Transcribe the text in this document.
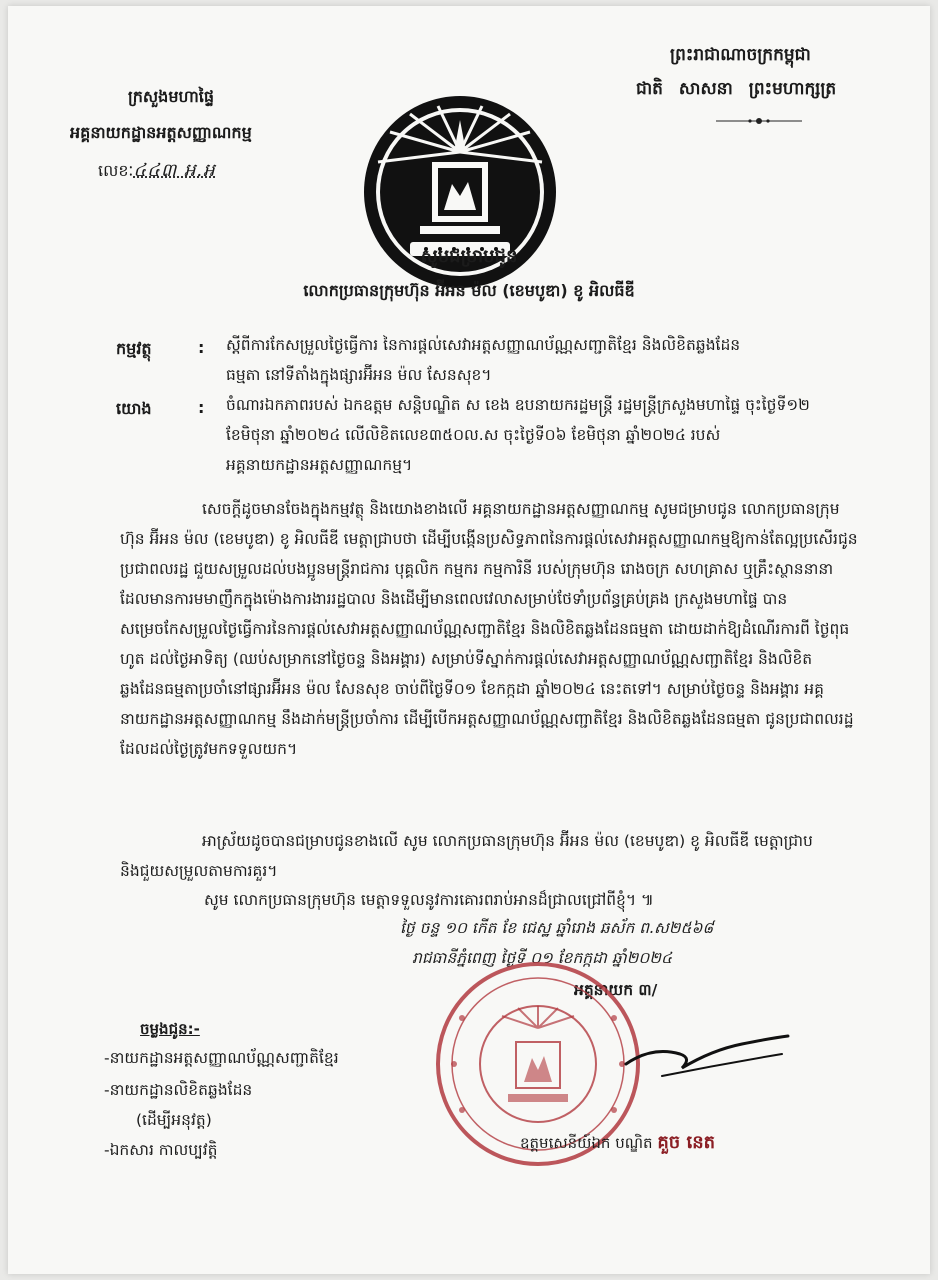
ព្រះរាជាណាចក្រកម្ពុជា
ជាតិ សាសនា ព្រះមហាក្សត្រ
ក្រសួងមហាផ្ទៃ
អគ្គនាយកដ្ឋានអត្តសញ្ញាណកម្ម
លេខៈ៤៤៣ អ.អ
សូមជម្រាបជូន
លោកប្រធានក្រុមហ៊ុន អ៊ីអន ម៉ល (ខេមបូឌា) ខូ អិលធីឌី
កម្មវត្ថុ	: ស្ដីពីការកែសម្រួលថ្ងៃធ្វើការ នៃការផ្ដល់សេវាអត្តសញ្ញាណប័ណ្ណសញ្ជាតិខ្មែរ និងលិខិតឆ្លងដែន
ធម្មតា នៅទីតាំងក្នុងផ្សារអ៊ីអន ម៉ល សែនសុខ។
យោង	: ចំណារឯកភាពរបស់ ឯកឧត្តម សន្តិបណ្ឌិត ស ខេង ឧបនាយករដ្ឋមន្ត្រី រដ្ឋមន្ត្រីក្រសួងមហាផ្ទៃ ចុះថ្ងៃទី១២
ខែមិថុនា ឆ្នាំ២០២៤ លើលិខិតលេខ៣៥០ល.ស ចុះថ្ងៃទី០៦ ខែមិថុនា ឆ្នាំ២០២៤ របស់
អគ្គនាយកដ្ឋានអត្តសញ្ញាណកម្ម។
សេចក្ដីដូចមានចែងក្នុងកម្មវត្ថុ និងយោងខាងលើ អគ្គនាយកដ្ឋានអត្តសញ្ញាណកម្ម សូមជម្រាបជូន លោកប្រធានក្រុមហ៊ុន អ៊ីអន ម៉ល (ខេមបូឌា) ខូ អិលធីឌី មេត្តាជ្រាបថា ដើម្បីបង្កើនប្រសិទ្ធភាពនៃការផ្ដល់សេវាអត្តសញ្ញាណកម្មឱ្យកាន់តែល្អប្រសើរជូនប្រជាពលរដ្ឋ ជួយសម្រួលដល់បងប្អូនមន្ត្រីរាជការ បុគ្គលិក កម្មករ កម្មការិនី របស់ក្រុមហ៊ុន រោងចក្រ សហគ្រាស ឬគ្រឹះស្ថាននានា ដែលមានការមមាញឹកក្នុងម៉ោងការងាររដ្ឋបាល និងដើម្បីមានពេលវេលាសម្រាប់ថែទាំប្រព័ន្ធគ្រប់គ្រង ក្រសួងមហាផ្ទៃ បានសម្រេចកែសម្រួលថ្ងៃធ្វើការនៃការផ្ដល់សេវាអត្តសញ្ញាណប័ណ្ណសញ្ជាតិខ្មែរ និងលិខិតឆ្លងដែនធម្មតា ដោយដាក់ឱ្យដំណើរការពី ថ្ងៃពុធ ហូត ដល់ថ្ងៃអាទិត្យ (ឈប់សម្រាកនៅថ្ងៃចន្ទ និងអង្គារ) សម្រាប់ទីស្នាក់ការផ្ដល់សេវាអត្តសញ្ញាណប័ណ្ណសញ្ជាតិខ្មែរ និងលិខិតឆ្លងដែនធម្មតាប្រចាំនៅផ្សារអ៊ីអន ម៉ល សែនសុខ ចាប់ពីថ្ងៃទី០១ ខែកក្កដា ឆ្នាំ២០២៤ នេះតទៅ។ សម្រាប់ថ្ងៃចន្ទ និងអង្គារ អគ្គនាយកដ្ឋានអត្តសញ្ញាណកម្ម នឹងដាក់មន្ត្រីប្រចាំការ ដើម្បីបើកអត្តសញ្ញាណប័ណ្ណសញ្ជាតិខ្មែរ និងលិខិតឆ្លងដែនធម្មតា ជូនប្រជាពលរដ្ឋដែលដល់ថ្ងៃត្រូវមកទទួលយក។
អាស្រ័យដូចបានជម្រាបជូនខាងលើ សូម លោកប្រធានក្រុមហ៊ុន អ៊ីអន ម៉ល (ខេមបូឌា) ខូ អិលធីឌី មេត្តាជ្រាប និងជួយសម្រួលតាមការគួរ។
សូម លោកប្រធានក្រុមហ៊ុន មេត្តាទទួលនូវការគោរពរាប់អានដ៏ជ្រាលជ្រៅពីខ្ញុំ។ ៕
ថ្ងៃ ចន្ទ ១០ កើត ខែ ជេស្ឋ ឆ្នាំរោង ឆស័ក ព.ស២៥៦៨
រាជធានីភ្នំពេញ ថ្ងៃទី ០១ ខែកក្កដា ឆ្នាំ២០២៤
អគ្គនាយក ៣/
ឧត្តមសេនីយ៍ឯក បណ្ឌិត គួច នេត
ចម្លងជូន:-
-នាយកដ្ឋានអត្តសញ្ញាណប័ណ្ណសញ្ជាតិខ្មែរ
-នាយកដ្ឋានលិខិតឆ្លងដែន
(ដើម្បីអនុវត្ត)
-ឯកសារ កាលប្បវត្តិ
